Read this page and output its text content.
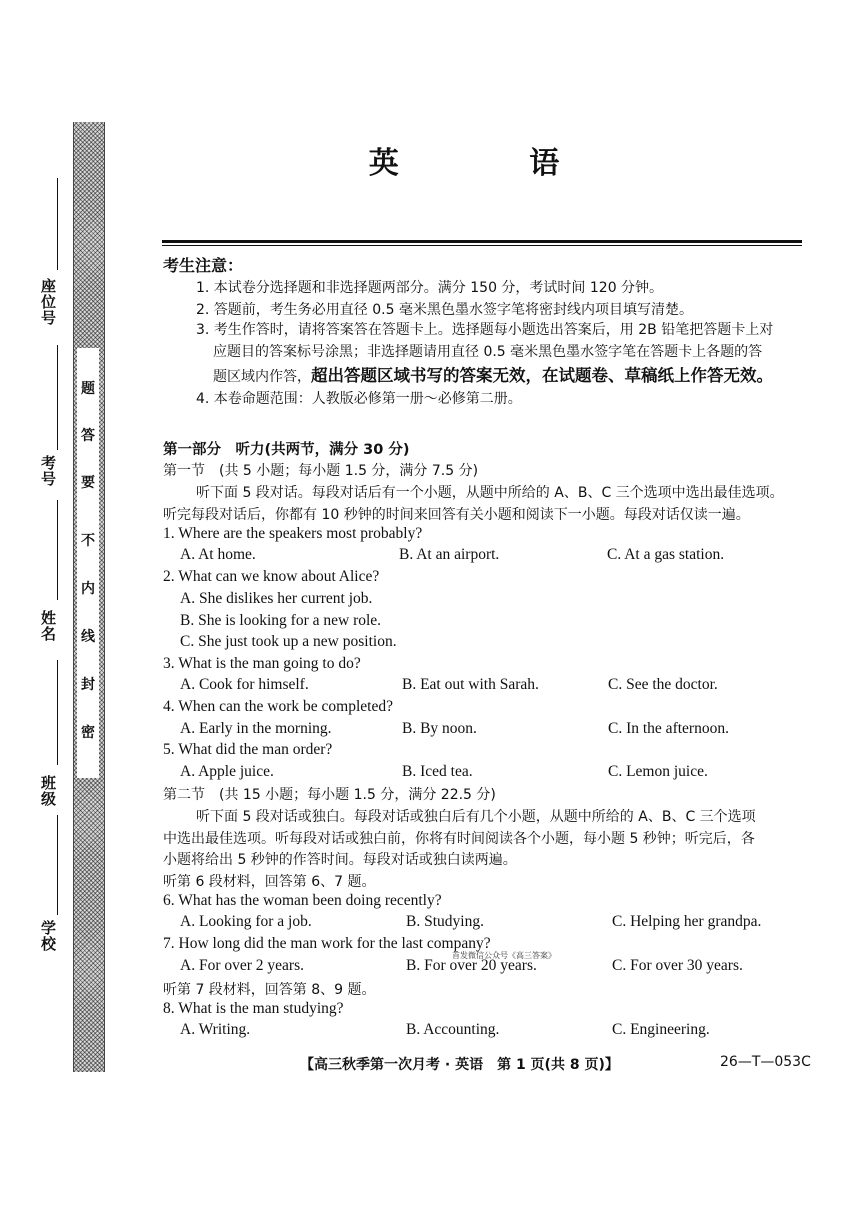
座位号
考号
姓名
班级
学校
密
封
线
内
不
要
答
题
英 语
考生注意：
1. 本试卷分选择题和非选择题两部分。满分 150 分，考试时间 120 分钟。
2. 答题前，考生务必用直径 0.5 毫米黑色墨水签字笔将密封线内项目填写清楚。
3. 考生作答时，请将答案答在答题卡上。选择题每小题选出答案后，用 2B 铅笔把答题卡上对
应题目的答案标号涂黑；非选择题请用直径 0.5 毫米黑色墨水签字笔在答题卡上各题的答
题区域内作答，超出答题区域书写的答案无效，在试题卷、草稿纸上作答无效。
4. 本卷命题范围：人教版必修第一册～必修第二册。
第一部分　听力(共两节，满分 30 分)
第一节　(共 5 小题；每小题 1.5 分，满分 7.5 分)
听下面 5 段对话。每段对话后有一个小题，从题中所给的 A、B、C 三个选项中选出最佳选项。
听完每段对话后，你都有 10 秒钟的时间来回答有关小题和阅读下一小题。每段对话仅读一遍。
1. Where are the speakers most probably?
A. At home.	B. At an airport.	C. At a gas station.
2. What can we know about Alice?
A. She dislikes her current job.
B. She is looking for a new role.
C. She just took up a new position.
3. What is the man going to do?
A. Cook for himself.	B. Eat out with Sarah.	C. See the doctor.
4. When can the work be completed?
A. Early in the morning.	B. By noon.	C. In the afternoon.
5. What did the man order?
A. Apple juice.	B. Iced tea.	C. Lemon juice.
第二节　(共 15 小题；每小题 1.5 分，满分 22.5 分)
听下面 5 段对话或独白。每段对话或独白后有几个小题，从题中所给的 A、B、C 三个选项
中选出最佳选项。听每段对话或独白前，你将有时间阅读各个小题，每小题 5 秒钟；听完后，各
小题将给出 5 秒钟的作答时间。每段对话或独白读两遍。
听第 6 段材料，回答第 6、7 题。
6. What has the woman been doing recently?
A. Looking for a job.	B. Studying.	C. Helping her grandpa.
7. How long did the man work for the last company?
A. For over 2 years.	B. For over 20 years.	C. For over 30 years.
首发微信公众号《高三答案》
听第 7 段材料，回答第 8、9 题。
8. What is the man studying?
A. Writing.	B. Accounting.	C. Engineering.
【高三秋季第一次月考 · 英语　第 1 页(共 8 页)】	26—T—053C
